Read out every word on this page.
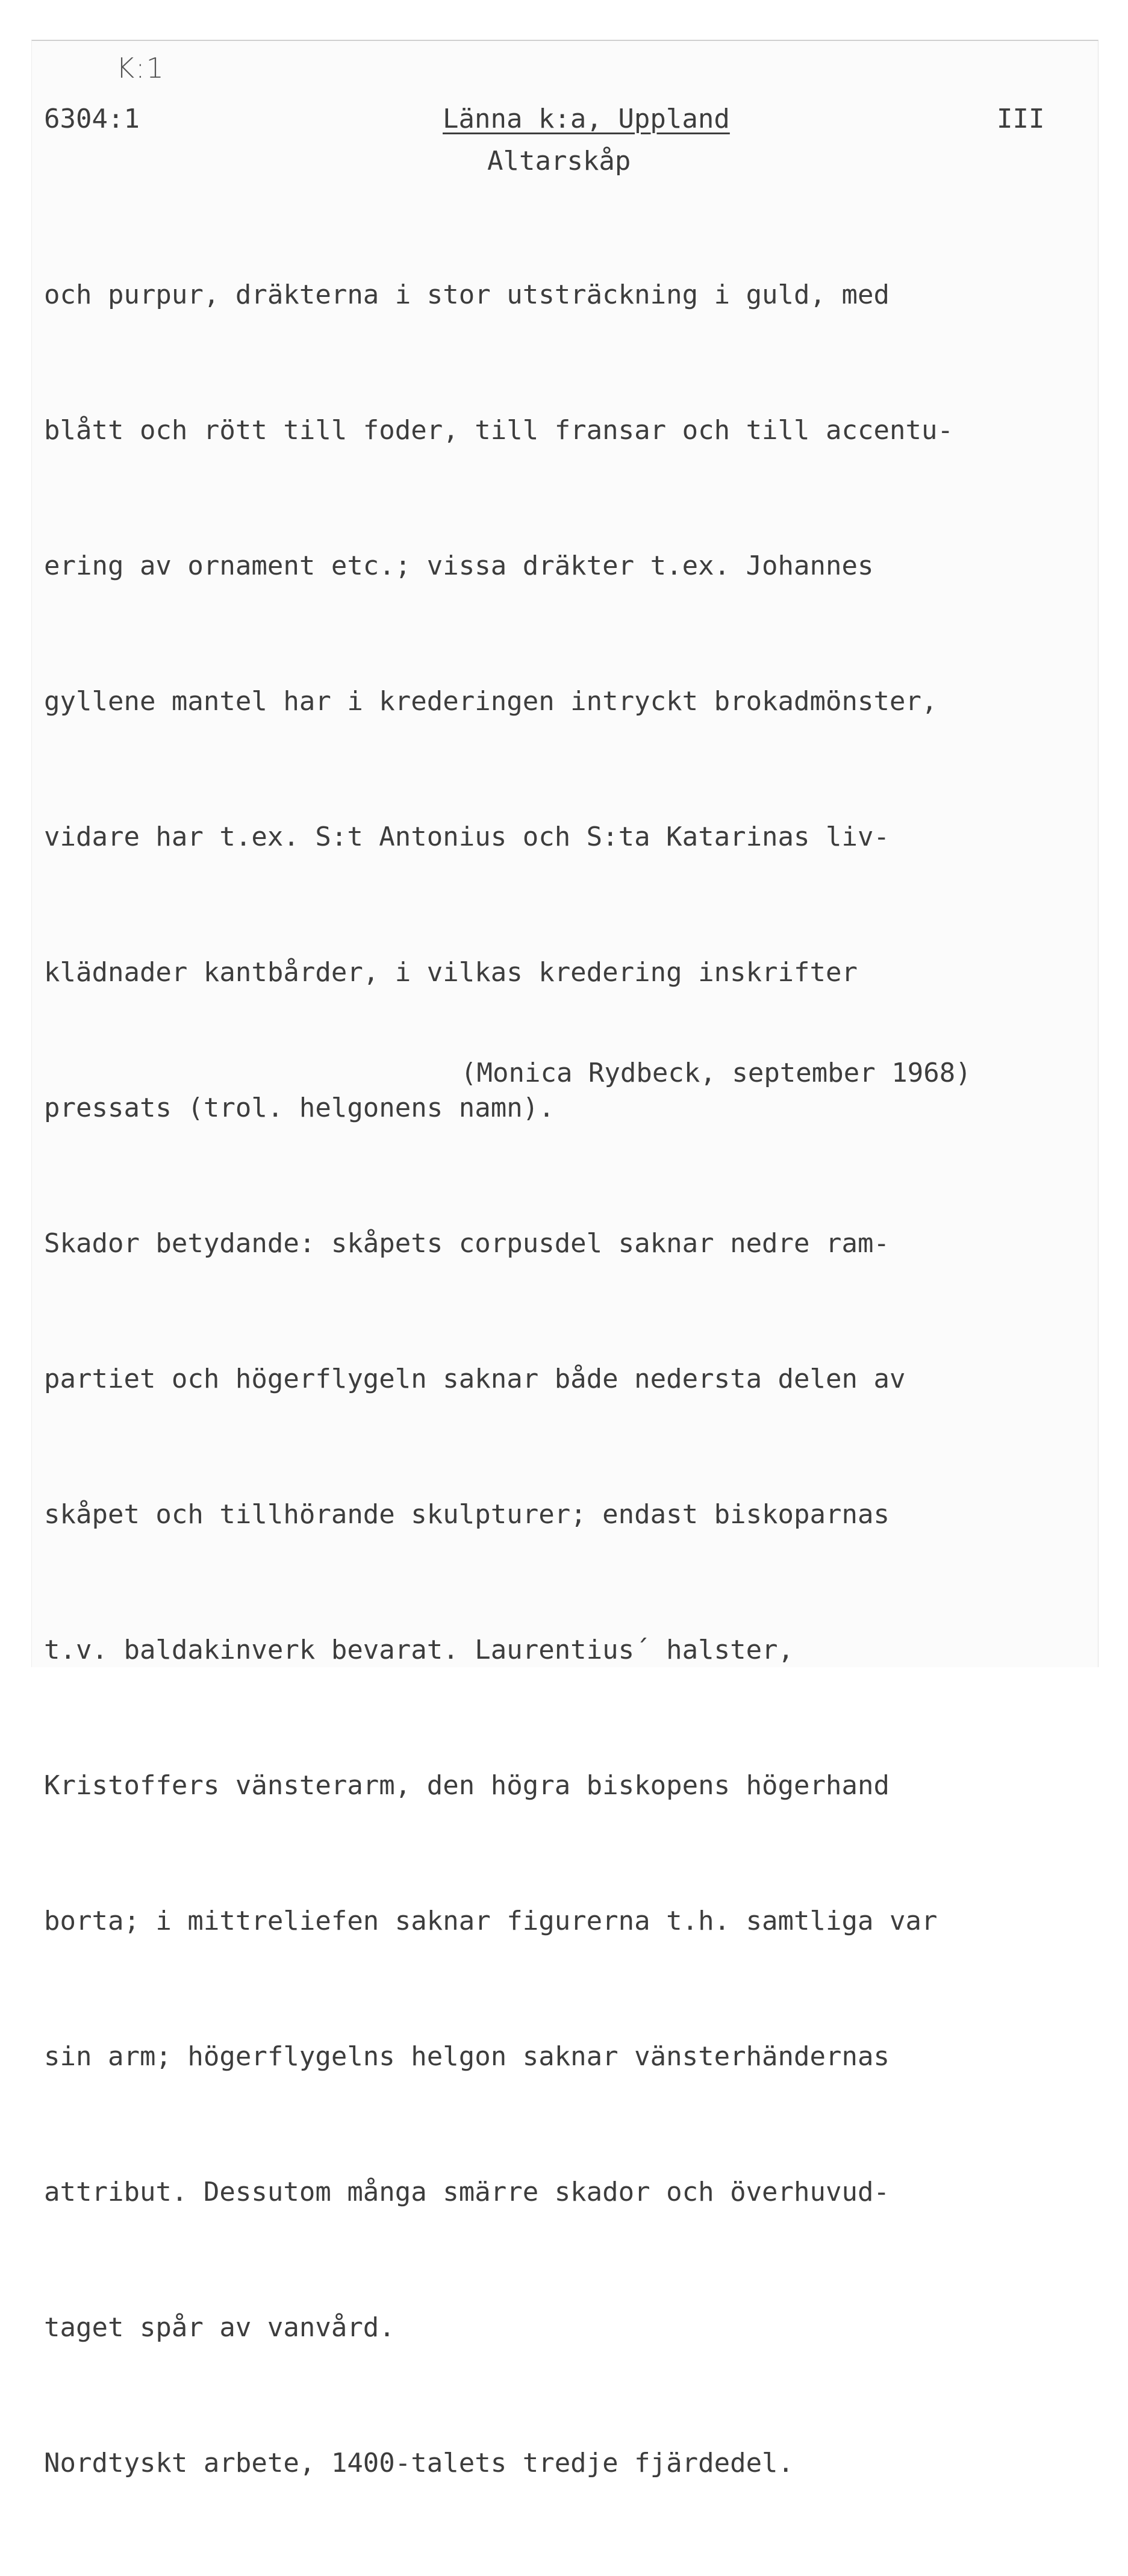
K:1
6304:1	Länna k:a, Uppland	III
Altarskåp

och purpur, dräkterna i stor utsträckning i guld, med

blått och rött till foder, till fransar och till accentu-

ering av ornament etc.; vissa dräkter t.ex. Johannes

gyllene mantel har i krederingen intryckt brokadmönster,

vidare har t.ex. S:t Antonius och S:ta Katarinas liv-

klädnader kantbårder, i vilkas kredering inskrifter

pressats (trol. helgonens namn).

Skador betydande: skåpets corpusdel saknar nedre ram-

partiet och högerflygeln saknar både nedersta delen av

skåpet och tillhörande skulpturer; endast biskoparnas

t.v. baldakinverk bevarat. Laurentius´ halster,

Kristoffers vänsterarm, den högra biskopens högerhand

borta; i mittreliefen saknar figurerna t.h. samtliga var

sin arm; högerflygelns helgon saknar vänsterhändernas

attribut. Dessutom många smärre skador och överhuvud-

taget spår av vanvård.

Nordtyskt arbete, 1400-talets tredje fjärdedel.

(Monica Rydbeck, september 1968)
